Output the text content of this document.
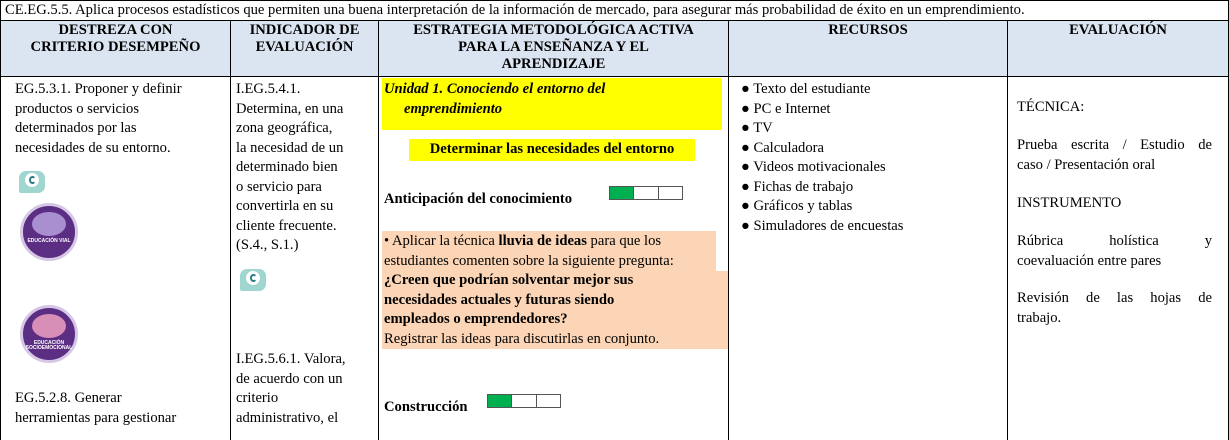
CE.EG.5.5. Aplica procesos estadísticos que permiten una buena interpretación de la información de mercado, para asegurar más probabilidad de éxito en un emprendimiento.
DESTREZA CON
CRITERIO DESEMPEÑO
INDICADOR DE
EVALUACIÓN
ESTRATEGIA METODOLÓGICA ACTIVA
PARA LA ENSEÑANZA Y EL
APRENDIZAJE
RECURSOS	EVALUACIÓN
EG.5.3.1. Proponer y definir
productos o servicios
determinados por las
necesidades de su entorno.
EDUCACIÓN VIAL
EDUCACIÓN SOCIOEMOCIONAL
EG.5.2.8. Generar
herramientas para gestionar
I.EG.5.4.1.
Determina, en una
zona geográfica,
la necesidad de un
determinado bien
o servicio para
convertirla en su
cliente frecuente.
(S.4., S.1.)
I.EG.5.6.1. Valora,
de acuerdo con un
criterio
administrativo, el
Unidad 1. Conociendo el entorno del
emprendimiento
Determinar las necesidades del entorno
Anticipación del conocimiento
• Aplicar la técnica lluvia de ideas para que los
estudiantes comenten sobre la siguiente pregunta:
¿Creen que podrían solventar mejor sus
necesidades actuales y futuras siendo
empleados o emprendedores?
Registrar las ideas para discutirlas en conjunto.
Construcción
● Texto del estudiante
● PC e Internet
● TV
● Calculadora
● Videos motivacionales
● Fichas de trabajo
● Gráficos y tablas
● Simuladores de encuestas
TÉCNICA:
Prueba escrita / Estudio de
caso / Presentación oral
INSTRUMENTO
Rúbrica holística y
coevaluación entre pares
Revisión de las hojas de
trabajo.
